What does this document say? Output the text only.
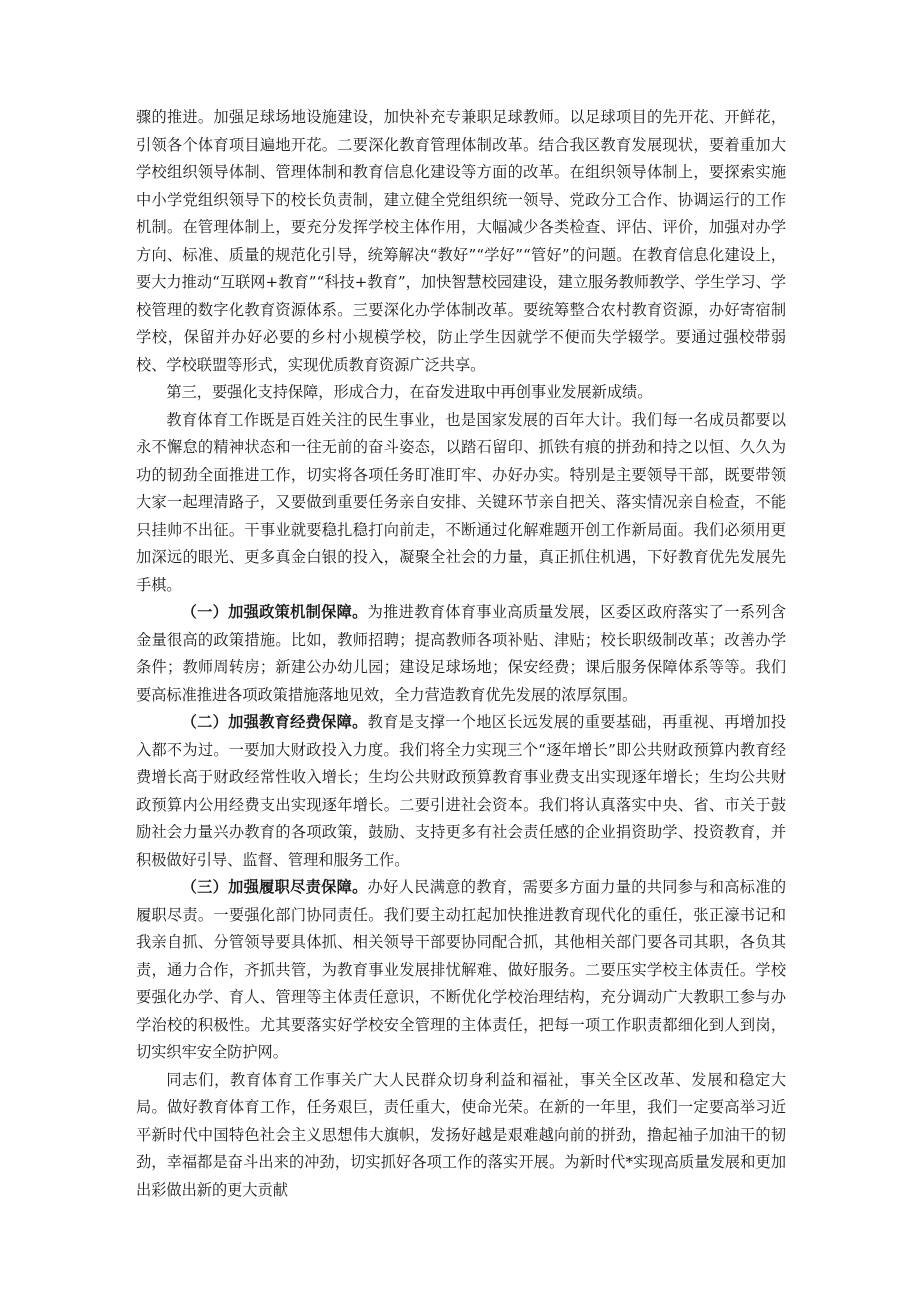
骤的推进。加强足球场地设施建设，加快补充专兼职足球教师。以足球项目的先开花、开鲜花，引领各个体育项目遍地开花。二要深化教育管理体制改革。结合我区教育发展现状，要着重加大学校组织领导体制、管理体制和教育信息化建设等方面的改革。在组织领导体制上，要探索实施中小学党组织领导下的校长负责制，建立健全党组织统一领导、党政分工合作、协调运行的工作机制。在管理体制上，要充分发挥学校主体作用，大幅减少各类检查、评估、评价，加强对办学方向、标准、质量的规范化引导，统筹解决“教好”“学好”“管好”的问题。在教育信息化建设上，要大力推动“互联网+教育”“科技+教育”，加快智慧校园建设，建立服务教师教学、学生学习、学校管理的数字化教育资源体系。三要深化办学体制改革。要统筹整合农村教育资源，办好寄宿制学校，保留并办好必要的乡村小规模学校，防止学生因就学不便而失学辍学。要通过强校带弱校、学校联盟等形式，实现优质教育资源广泛共享。

第三，要强化支持保障，形成合力，在奋发进取中再创事业发展新成绩。

教育体育工作既是百姓关注的民生事业，也是国家发展的百年大计。我们每一名成员都要以永不懈怠的精神状态和一往无前的奋斗姿态，以踏石留印、抓铁有痕的拼劲和持之以恒、久久为功的韧劲全面推进工作，切实将各项任务盯准盯牢、办好办实。特别是主要领导干部，既要带领大家一起理清路子，又要做到重要任务亲自安排、关键环节亲自把关、落实情况亲自检查，不能只挂帅不出征。干事业就要稳扎稳打向前走，不断通过化解难题开创工作新局面。我们必须用更加深远的眼光、更多真金白银的投入，凝聚全社会的力量，真正抓住机遇，下好教育优先发展先手棋。

（一）加强政策机制保障。为推进教育体育事业高质量发展，区委区政府落实了一系列含金量很高的政策措施。比如，教师招聘；提高教师各项补贴、津贴；校长职级制改革；改善办学条件；教师周转房；新建公办幼儿园；建设足球场地；保安经费；课后服务保障体系等等。我们要高标准推进各项政策措施落地见效，全力营造教育优先发展的浓厚氛围。

（二）加强教育经费保障。教育是支撑一个地区长远发展的重要基础，再重视、再增加投入都不为过。一要加大财政投入力度。我们将全力实现三个“逐年增长”即公共财政预算内教育经费增长高于财政经常性收入增长；生均公共财政预算教育事业费支出实现逐年增长；生均公共财政预算内公用经费支出实现逐年增长。二要引进社会资本。我们将认真落实中央、省、市关于鼓励社会力量兴办教育的各项政策，鼓励、支持更多有社会责任感的企业捐资助学、投资教育，并积极做好引导、监督、管理和服务工作。

（三）加强履职尽责保障。办好人民满意的教育，需要多方面力量的共同参与和高标准的履职尽责。一要强化部门协同责任。我们要主动扛起加快推进教育现代化的重任，张正濠书记和我亲自抓、分管领导要具体抓、相关领导干部要协同配合抓，其他相关部门要各司其职，各负其责，通力合作，齐抓共管，为教育事业发展排忧解难、做好服务。二要压实学校主体责任。学校要强化办学、育人、管理等主体责任意识，不断优化学校治理结构，充分调动广大教职工参与办学治校的积极性。尤其要落实好学校安全管理的主体责任，把每一项工作职责都细化到人到岗，切实织牢安全防护网。

同志们，教育体育工作事关广大人民群众切身利益和福祉，事关全区改革、发展和稳定大局。做好教育体育工作，任务艰巨，责任重大，使命光荣。在新的一年里，我们一定要高举习近平新时代中国特色社会主义思想伟大旗帜，发扬好越是艰难越向前的拼劲，撸起袖子加油干的韧劲，幸福都是奋斗出来的冲劲，切实抓好各项工作的落实开展。为新时代*实现高质量发展和更加出彩做出新的更大贡献
